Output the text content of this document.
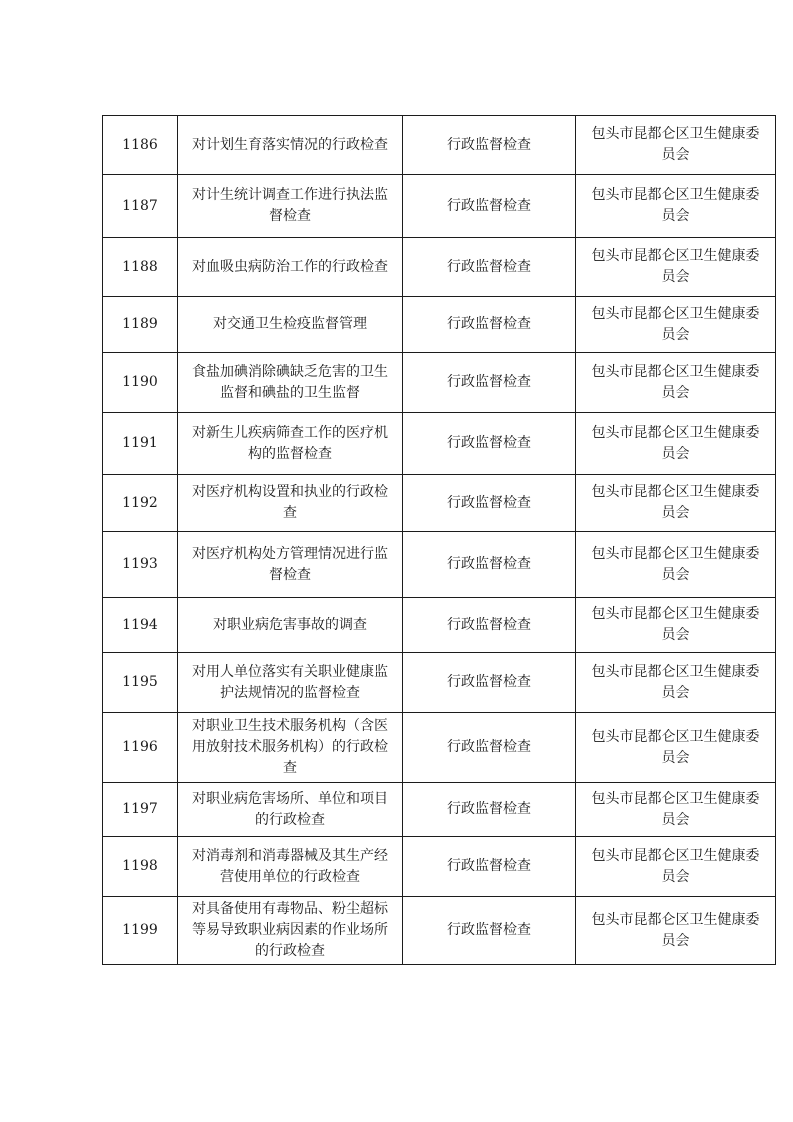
1186	对计划生育落实情况的行政检查	行政监督检查	包头市昆都仑区卫生健康委员会
1187	对计生统计调查工作进行执法监督检查	行政监督检查	包头市昆都仑区卫生健康委员会
1188	对血吸虫病防治工作的行政检查	行政监督检查	包头市昆都仑区卫生健康委员会
1189	对交通卫生检疫监督管理	行政监督检查	包头市昆都仑区卫生健康委员会
1190	食盐加碘消除碘缺乏危害的卫生监督和碘盐的卫生监督	行政监督检查	包头市昆都仑区卫生健康委员会
1191	对新生儿疾病筛查工作的医疗机构的监督检查	行政监督检查	包头市昆都仑区卫生健康委员会
1192	对医疗机构设置和执业的行政检查	行政监督检查	包头市昆都仑区卫生健康委员会
1193	对医疗机构处方管理情况进行监督检查	行政监督检查	包头市昆都仑区卫生健康委员会
1194	对职业病危害事故的调查	行政监督检查	包头市昆都仑区卫生健康委员会
1195	对用人单位落实有关职业健康监护法规情况的监督检查	行政监督检查	包头市昆都仑区卫生健康委员会
1196	对职业卫生技术服务机构（含医用放射技术服务机构）的行政检查	行政监督检查	包头市昆都仑区卫生健康委员会
1197	对职业病危害场所、单位和项目的行政检查	行政监督检查	包头市昆都仑区卫生健康委员会
1198	对消毒剂和消毒器械及其生产经营使用单位的行政检查	行政监督检查	包头市昆都仑区卫生健康委员会
1199	对具备使用有毒物品、粉尘超标等易导致职业病因素的作业场所的行政检查	行政监督检查	包头市昆都仑区卫生健康委员会
